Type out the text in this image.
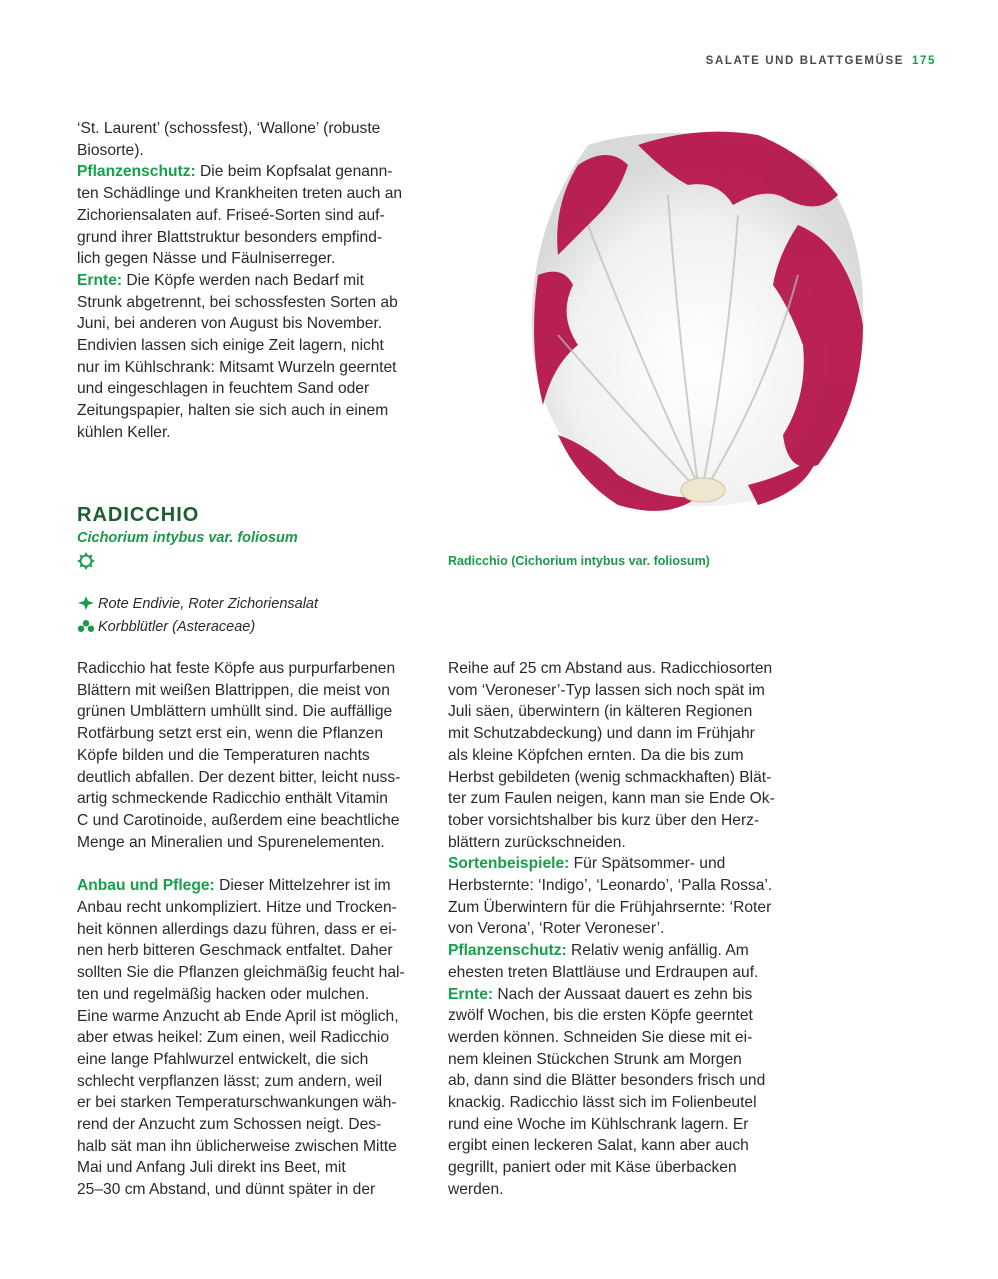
SALATE UND BLATTGEMÜSE 175
‘St. Laurent’ (schossfest), ‘Wallone’ (robuste
Biosorte).
Pflanzenschutz: Die beim Kopfsalat genann-
ten Schädlinge und Krankheiten treten auch an
Zichoriensalaten auf. Friseé-Sorten sind auf-
grund ihrer Blattstruktur besonders empfind-
lich gegen Nässe und Fäulniserreger.
Ernte: Die Köpfe werden nach Bedarf mit
Strunk abgetrennt, bei schossfesten Sorten ab
Juni, bei anderen von August bis November.
Endivien lassen sich einige Zeit lagern, nicht
nur im Kühlschrank: Mitsamt Wurzeln geerntet
und eingeschlagen in feuchtem Sand oder
Zeitungspapier, halten sie sich auch in einem
kühlen Keller.
RADICCHIO
Cichorium intybus var. foliosum
Rote Endivie, Roter Zichoriensalat
Korbblütler (Asteraceae)
Radicchio (Cichorium intybus var. foliosum)
Radicchio hat feste Köpfe aus purpurfarbenen
Blättern mit weißen Blattrippen, die meist von
grünen Umblättern umhüllt sind. Die auffällige
Rotfärbung setzt erst ein, wenn die Pflanzen
Köpfe bilden und die Temperaturen nachts
deutlich abfallen. Der dezent bitter, leicht nuss-
artig schmeckende Radicchio enthält Vitamin
C und Carotinoide, außerdem eine beachtliche
Menge an Mineralien und Spurenelementen.
Anbau und Pflege: Dieser Mittelzehrer ist im
Anbau recht unkompliziert. Hitze und Trocken-
heit können allerdings dazu führen, dass er ei-
nen herb bitteren Geschmack entfaltet. Daher
sollten Sie die Pflanzen gleichmäßig feucht hal-
ten und regelmäßig hacken oder mulchen.
Eine warme Anzucht ab Ende April ist möglich,
aber etwas heikel: Zum einen, weil Radicchio
eine lange Pfahlwurzel entwickelt, die sich
schlecht verpflanzen lässt; zum andern, weil
er bei starken Temperaturschwankungen wäh-
rend der Anzucht zum Schossen neigt. Des-
halb sät man ihn üblicherweise zwischen Mitte
Mai und Anfang Juli direkt ins Beet, mit
25–30 cm Abstand, und dünnt später in der
Reihe auf 25 cm Abstand aus. Radicchiosorten
vom ‘Veroneser’-Typ lassen sich noch spät im
Juli säen, überwintern (in kälteren Regionen
mit Schutzabdeckung) und dann im Frühjahr
als kleine Köpfchen ernten. Da die bis zum
Herbst gebildeten (wenig schmackhaften) Blät-
ter zum Faulen neigen, kann man sie Ende Ok-
tober vorsichtshalber bis kurz über den Herz-
blättern zurückschneiden.
Sortenbeispiele: Für Spätsommer- und
Herbsternte: ‘Indigo’, ‘Leonardo’, ‘Palla Rossa’.
Zum Überwintern für die Frühjahrsernte: ‘Roter
von Verona’, ‘Roter Veroneser’.
Pflanzenschutz: Relativ wenig anfällig. Am
ehesten treten Blattläuse und Erdraupen auf.
Ernte: Nach der Aussaat dauert es zehn bis
zwölf Wochen, bis die ersten Köpfe geerntet
werden können. Schneiden Sie diese mit ei-
nem kleinen Stückchen Strunk am Morgen
ab, dann sind die Blätter besonders frisch und
knackig. Radicchio lässt sich im Folienbeutel
rund eine Woche im Kühlschrank lagern. Er
ergibt einen leckeren Salat, kann aber auch
gegrillt, paniert oder mit Käse überbacken
werden.
